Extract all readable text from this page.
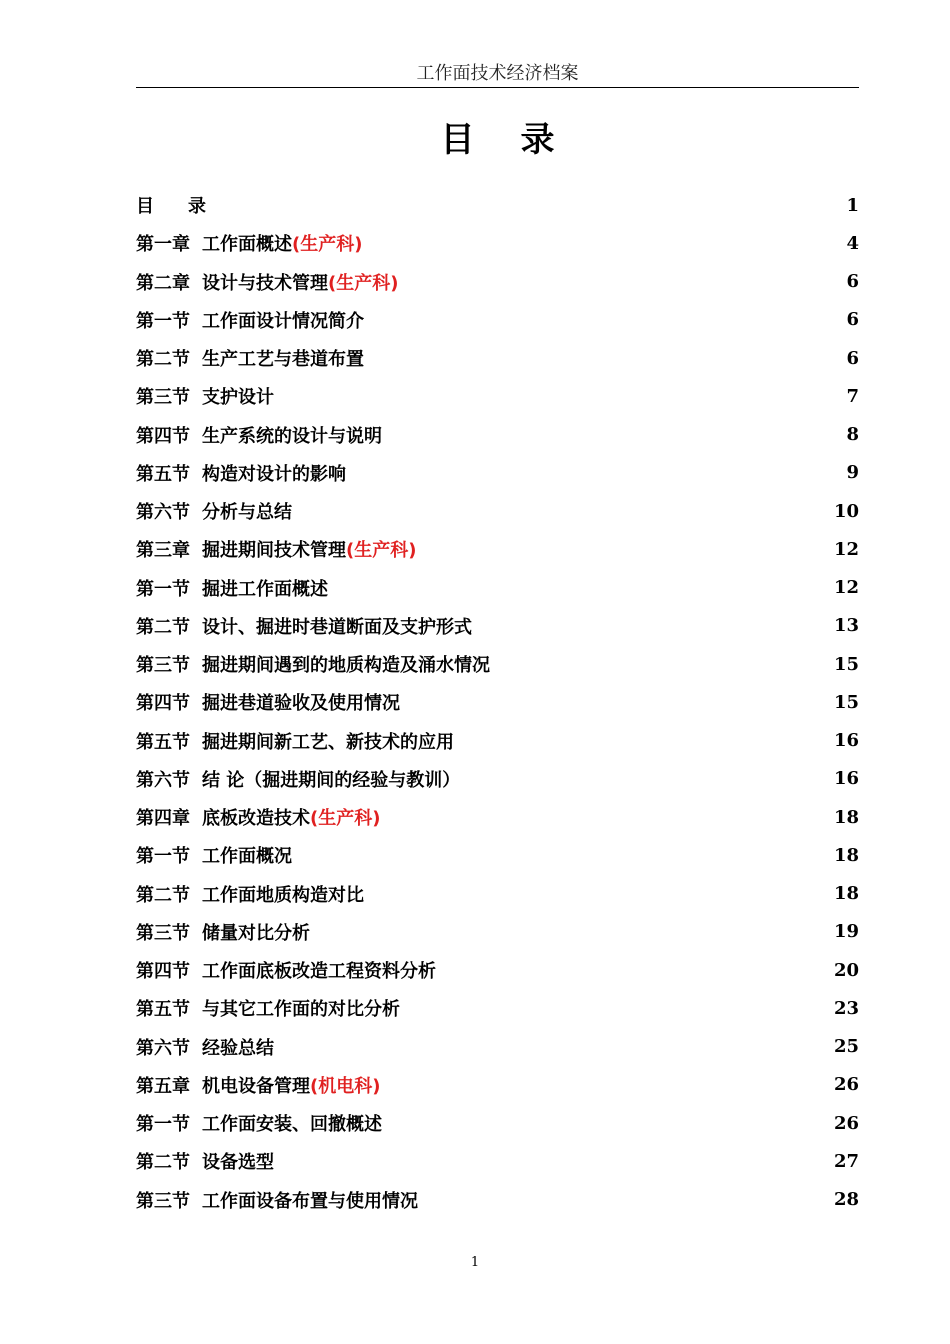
工作面技术经济档案
目录
目 录	1
第一章 工作面概述(生产科)	4
第二章 设计与技术管理(生产科)	6
第一节 工作面设计情况简介	6
第二节 生产工艺与巷道布置	6
第三节 支护设计	7
第四节 生产系统的设计与说明	8
第五节 构造对设计的影响	9
第六节 分析与总结	10
第三章 掘进期间技术管理(生产科)	12
第一节 掘进工作面概述	12
第二节 设计、掘进时巷道断面及支护形式	13
第三节 掘进期间遇到的地质构造及涌水情况	15
第四节 掘进巷道验收及使用情况	15
第五节 掘进期间新工艺、新技术的应用	16
第六节 结 论（掘进期间的经验与教训）	16
第四章 底板改造技术(生产科)	18
第一节 工作面概况	18
第二节 工作面地质构造对比	18
第三节 储量对比分析	19
第四节 工作面底板改造工程资料分析	20
第五节 与其它工作面的对比分析	23
第六节 经验总结	25
第五章 机电设备管理(机电科)	26
第一节 工作面安装、回撤概述	26
第二节 设备选型	27
第三节 工作面设备布置与使用情况	28
1
